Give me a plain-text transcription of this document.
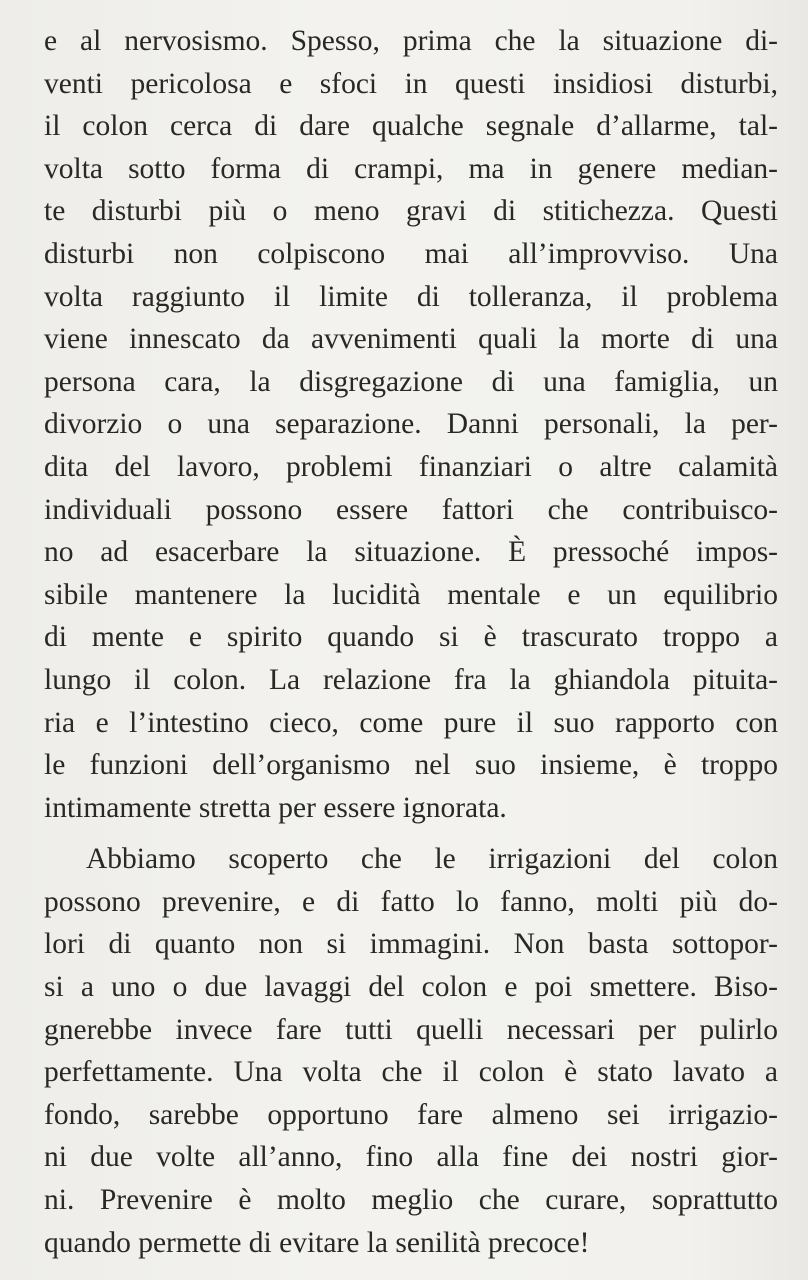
e al nervosismo. Spesso, prima che la situazione di-
venti pericolosa e sfoci in questi insidiosi disturbi,
il colon cerca di dare qualche segnale d’allarme, tal-
volta sotto forma di crampi, ma in genere median-
te disturbi più o meno gravi di stitichezza. Questi
disturbi non colpiscono mai all’improvviso. Una
volta raggiunto il limite di tolleranza, il problema
viene innescato da avvenimenti quali la morte di una
persona cara, la disgregazione di una famiglia, un
divorzio o una separazione. Danni personali, la per-
dita del lavoro, problemi finanziari o altre calamità
individuali possono essere fattori che contribuisco-
no ad esacerbare la situazione. È pressoché impos-
sibile mantenere la lucidità mentale e un equilibrio
di mente e spirito quando si è trascurato troppo a
lungo il colon. La relazione fra la ghiandola pituita-
ria e l’intestino cieco, come pure il suo rapporto con
le funzioni dell’organismo nel suo insieme, è troppo
intimamente stretta per essere ignorata.
Abbiamo scoperto che le irrigazioni del colon
possono prevenire, e di fatto lo fanno, molti più do-
lori di quanto non si immagini. Non basta sottopor-
si a uno o due lavaggi del colon e poi smettere. Biso-
gnerebbe invece fare tutti quelli necessari per pulirlo
perfettamente. Una volta che il colon è stato lavato a
fondo, sarebbe opportuno fare almeno sei irrigazio-
ni due volte all’anno, fino alla fine dei nostri gior-
ni. Prevenire è molto meglio che curare, soprattutto
quando permette di evitare la senilità precoce!
